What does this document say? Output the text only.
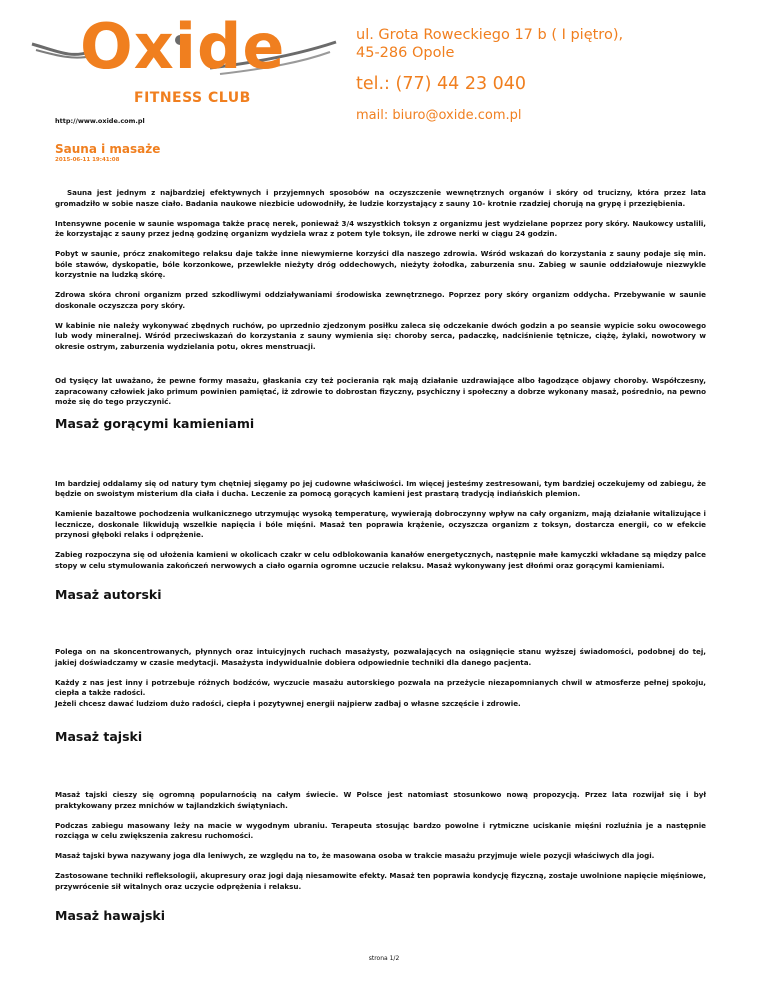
Oxide
FITNESS CLUB
ul. Grota Roweckiego 17 b ( I piętro),
45-286 Opole
tel.: (77) 44 23 040
mail: biuro@oxide.com.pl
http://www.oxide.com.pl
Sauna i masaże
2015-06-11 19:41:08

Sauna jest jednym z najbardziej efektywnych i przyjemnych sposobów na oczyszczenie wewnętrznych organów i skóry od trucizny, która przez lata gromadziło w sobie nasze ciało. Badania naukowe niezbicie udowodniły, że ludzie korzystający z sauny 10- krotnie rzadziej chorują na grypę i przeziębienia.

Intensywne pocenie w saunie wspomaga także pracę nerek, ponieważ 3/4 wszystkich toksyn z organizmu jest wydzielane poprzez pory skóry. Naukowcy ustalili, że korzystając z sauny przez jedną godzinę organizm wydziela wraz z potem tyle toksyn, ile zdrowe nerki w ciągu 24 godzin.

Pobyt w saunie, prócz znakomitego relaksu daje także inne niewymierne korzyści dla naszego zdrowia. Wśród wskazań do korzystania z sauny podaje się min. bóle stawów, dyskopatie, bóle korzonkowe, przewlekłe nieżyty dróg oddechowych, nieżyty żołodka, zaburzenia snu. Zabieg w saunie oddziałowuje niezwykle korzystnie na ludzką skórę.

Zdrowa skóra chroni organizm przed szkodliwymi oddziaływaniami środowiska zewnętrznego. Poprzez pory skóry organizm oddycha. Przebywanie w saunie doskonale oczyszcza pory skóry.

W kabinie nie należy wykonywać zbędnych ruchów, po uprzednio zjedzonym posiłku zaleca się odczekanie dwóch godzin a po seansie wypicie soku owocowego lub wody mineralnej. Wśród przeciwskazań do korzystania z sauny wymienia się: choroby serca, padaczkę, nadciśnienie tętnicze, ciążę, żylaki, nowotwory w okresie ostrym, zaburzenia wydzielania potu, okres menstruacji.

Od tysięcy lat uważano, że pewne formy masażu, głaskania czy też pocierania rąk mają działanie uzdrawiające albo łagodzące objawy choroby. Współczesny, zapracowany człowiek jako primum powinien pamiętać, iż zdrowie to dobrostan fizyczny, psychiczny i społeczny a dobrze wykonany masaż, pośrednio, na pewno może się do tego przyczynić.

Masaż gorącymi kamieniami

Im bardziej oddalamy się od natury tym chętniej sięgamy po jej cudowne właściwości. Im więcej jesteśmy zestresowani, tym bardziej oczekujemy od zabiegu, że będzie on swoistym misterium dla ciała i ducha. Leczenie za pomocą gorących kamieni jest prastarą tradycją indiańskich plemion.

Kamienie bazaltowe pochodzenia wulkanicznego utrzymując wysoką temperaturę, wywierają dobroczynny wpływ na cały organizm, mają działanie witalizujące i lecznicze, doskonale likwidują wszelkie napięcia i bóle mięśni. Masaż ten poprawia krążenie, oczyszcza organizm z toksyn, dostarcza energii, co w efekcie przynosi głęboki relaks i odprężenie.

Zabieg rozpoczyna się od ułożenia kamieni w okolicach czakr w celu odblokowania kanałów energetycznych, następnie małe kamyczki wkładane są między palce stopy w celu stymulowania zakończeń nerwowych a ciało ogarnia ogromne uczucie relaksu. Masaż wykonywany jest dłońmi oraz gorącymi kamieniami.

Masaż autorski

Polega on na skoncentrowanych, płynnych oraz intuicyjnych ruchach masażysty, pozwalających na osiągnięcie stanu wyższej świadomości, podobnej do tej, jakiej doświadczamy w czasie medytacji. Masażysta indywidualnie dobiera odpowiednie techniki dla danego pacjenta.

Każdy z nas jest inny i potrzebuje różnych bodźców, wyczucie masażu autorskiego pozwala na przeżycie niezapomnianych chwil w atmosferze pełnej spokoju, ciepła a także radości.
Jeżeli chcesz dawać ludziom dużo radości, ciepła i pozytywnej energii najpierw zadbaj o własne szczęście i zdrowie.

Masaż tajski

Masaż tajski cieszy się ogromną popularnością na całym świecie. W Polsce jest natomiast stosunkowo nową propozycją. Przez lata rozwijał się i był praktykowany przez mnichów w tajlandzkich świątyniach.

Podczas zabiegu masowany leży na macie w wygodnym ubraniu. Terapeuta stosując bardzo powolne i rytmiczne uciskanie mięśni rozluźnia je a następnie rozciąga w celu zwiększenia zakresu ruchomości.

Masaż tajski bywa nazywany joga dla leniwych, ze względu na to, że masowana osoba w trakcie masażu przyjmuje wiele pozycji właściwych dla jogi.

Zastosowane techniki refleksologii, akupresury oraz jogi dają niesamowite efekty. Masaż ten poprawia kondycję fizyczną, zostaje uwolnione napięcie mięśniowe, przywrócenie sił witalnych oraz uczycie odprężenia i relaksu.

Masaż hawajski
strona 1/2
